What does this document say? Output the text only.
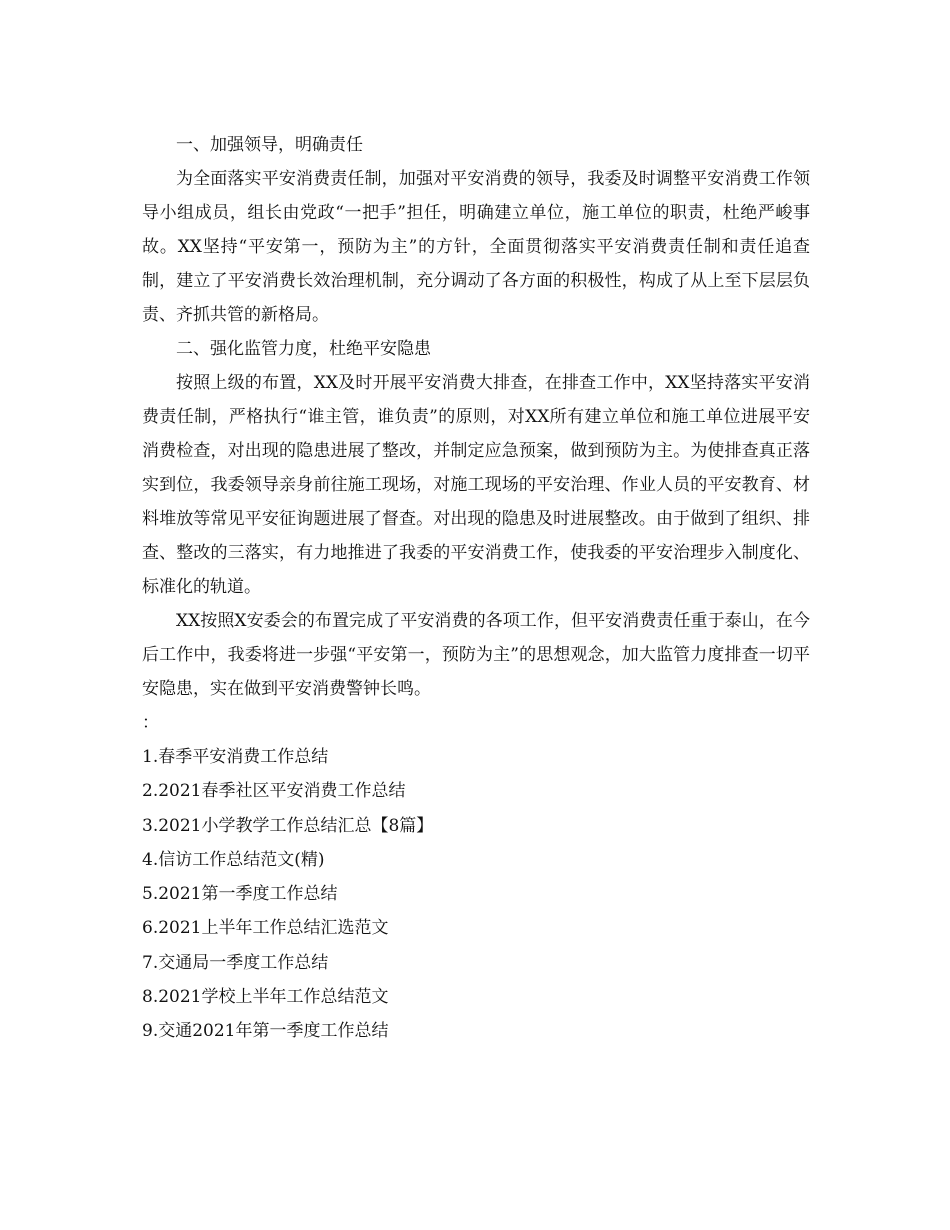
一、加强领导，明确责任

为全面落实平安消费责任制，加强对平安消费的领导，我委及时调整平安消费工作领导小组成员，组长由党政“一把手”担任，明确建立单位，施工单位的职责，杜绝严峻事故。XX坚持“平安第一，预防为主”的方针，全面贯彻落实平安消费责任制和责任追查制，建立了平安消费长效治理机制，充分调动了各方面的积极性，构成了从上至下层层负责、齐抓共管的新格局。

二、强化监管力度，杜绝平安隐患

按照上级的布置，XX及时开展平安消费大排查，在排查工作中，XX坚持落实平安消费责任制，严格执行“谁主管，谁负责”的原则，对XX所有建立单位和施工单位进展平安消费检查，对出现的隐患进展了整改，并制定应急预案，做到预防为主。为使排查真正落实到位，我委领导亲身前往施工现场，对施工现场的平安治理、作业人员的平安教育、材料堆放等常见平安征询题进展了督查。对出现的隐患及时进展整改。由于做到了组织、排查、整改的三落实，有力地推进了我委的平安消费工作，使我委的平安治理步入制度化、标准化的轨道。

XX按照X安委会的布置完成了平安消费的各项工作，但平安消费责任重于泰山，在今后工作中，我委将进一步强“平安第一，预防为主”的思想观念，加大监管力度排查一切平安隐患，实在做到平安消费警钟长鸣。

：

1.春季平安消费工作总结
2.2021春季社区平安消费工作总结
3.2021小学教学工作总结汇总【8篇】
4.信访工作总结范文(精)
5.2021第一季度工作总结
6.2021上半年工作总结汇选范文
7.交通局一季度工作总结
8.2021学校上半年工作总结范文
9.交通2021年第一季度工作总结
